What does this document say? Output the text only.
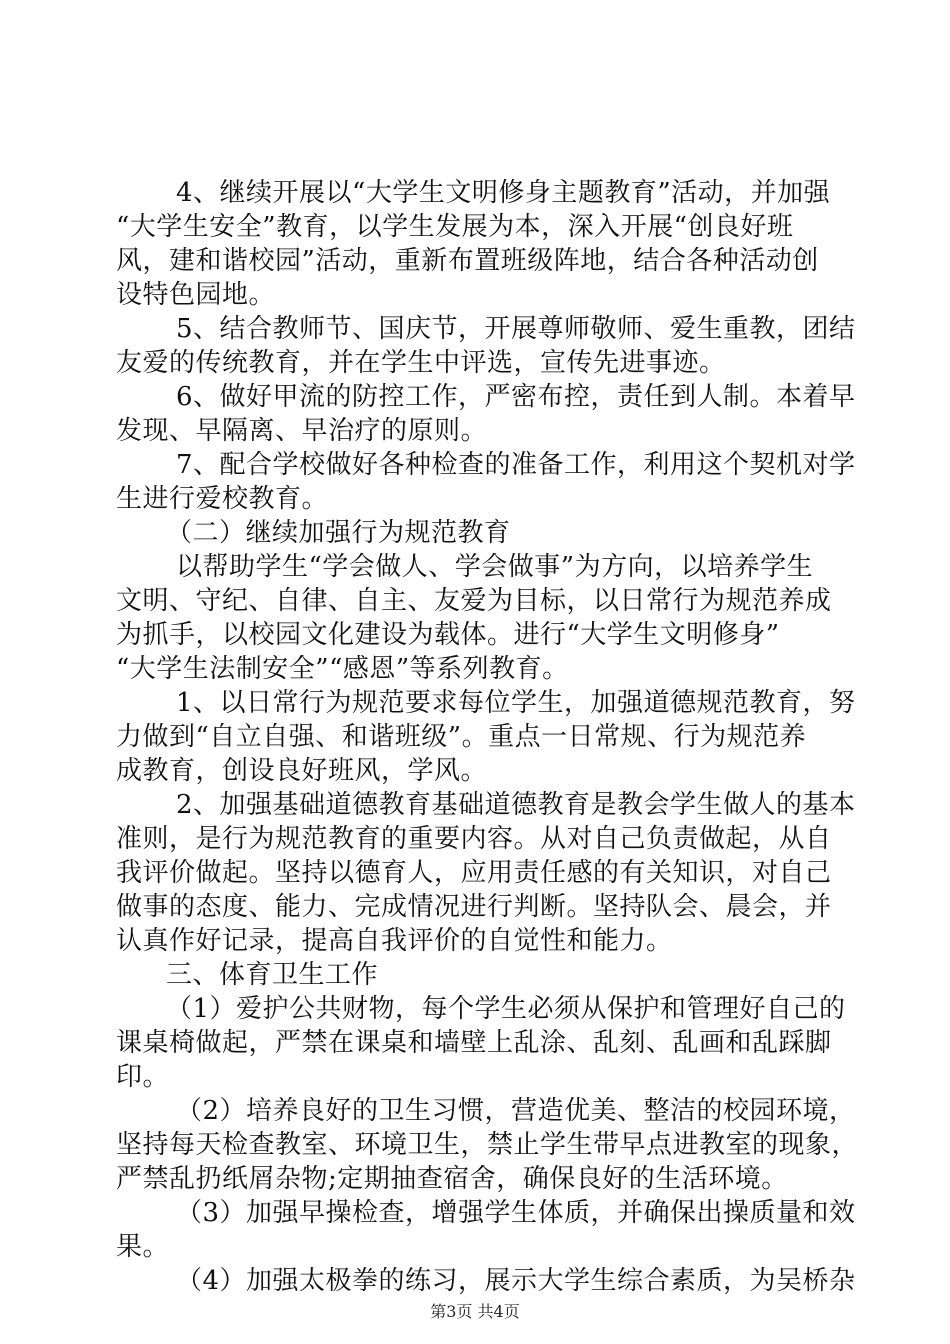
4、继续开展以“大学生文明修身主题教育”活动，并加强
“大学生安全”教育，以学生发展为本，深入开展“创良好班
风，建和谐校园”活动，重新布置班级阵地，结合各种活动创
设特色园地。
5、结合教师节、国庆节，开展尊师敬师、爱生重教，团结
友爱的传统教育，并在学生中评选，宣传先进事迹。
6、做好甲流的防控工作，严密布控，责任到人制。本着早
发现、早隔离、早治疗的原则。
7、配合学校做好各种检查的准备工作，利用这个契机对学
生进行爱校教育。
（二）继续加强行为规范教育
以帮助学生“学会做人、学会做事”为方向，以培养学生
文明、守纪、自律、自主、友爱为目标，以日常行为规范养成
为抓手，以校园文化建设为载体。进行“大学生文明修身”
“大学生法制安全”“感恩”等系列教育。
1、以日常行为规范要求每位学生，加强道德规范教育，努
力做到“自立自强、和谐班级”。重点一日常规、行为规范养
成教育，创设良好班风，学风。
2、加强基础道德教育基础道德教育是教会学生做人的基本
准则，是行为规范教育的重要内容。从对自己负责做起，从自
我评价做起。坚持以德育人，应用责任感的有关知识，对自己
做事的态度、能力、完成情况进行判断。坚持队会、晨会，并
认真作好记录，提高自我评价的自觉性和能力。
三、体育卫生工作
（1）爱护公共财物，每个学生必须从保护和管理好自己的
课桌椅做起，严禁在课桌和墙壁上乱涂、乱刻、乱画和乱踩脚
印。
（2）培养良好的卫生习惯，营造优美、整洁的校园环境，
坚持每天检查教室、环境卫生，禁止学生带早点进教室的现象，
严禁乱扔纸屑杂物;定期抽查宿舍，确保良好的生活环境。
（3）加强早操检查，增强学生体质，并确保出操质量和效
果。
（4）加强太极拳的练习，展示大学生综合素质，为吴桥杂
第3页 共4页
